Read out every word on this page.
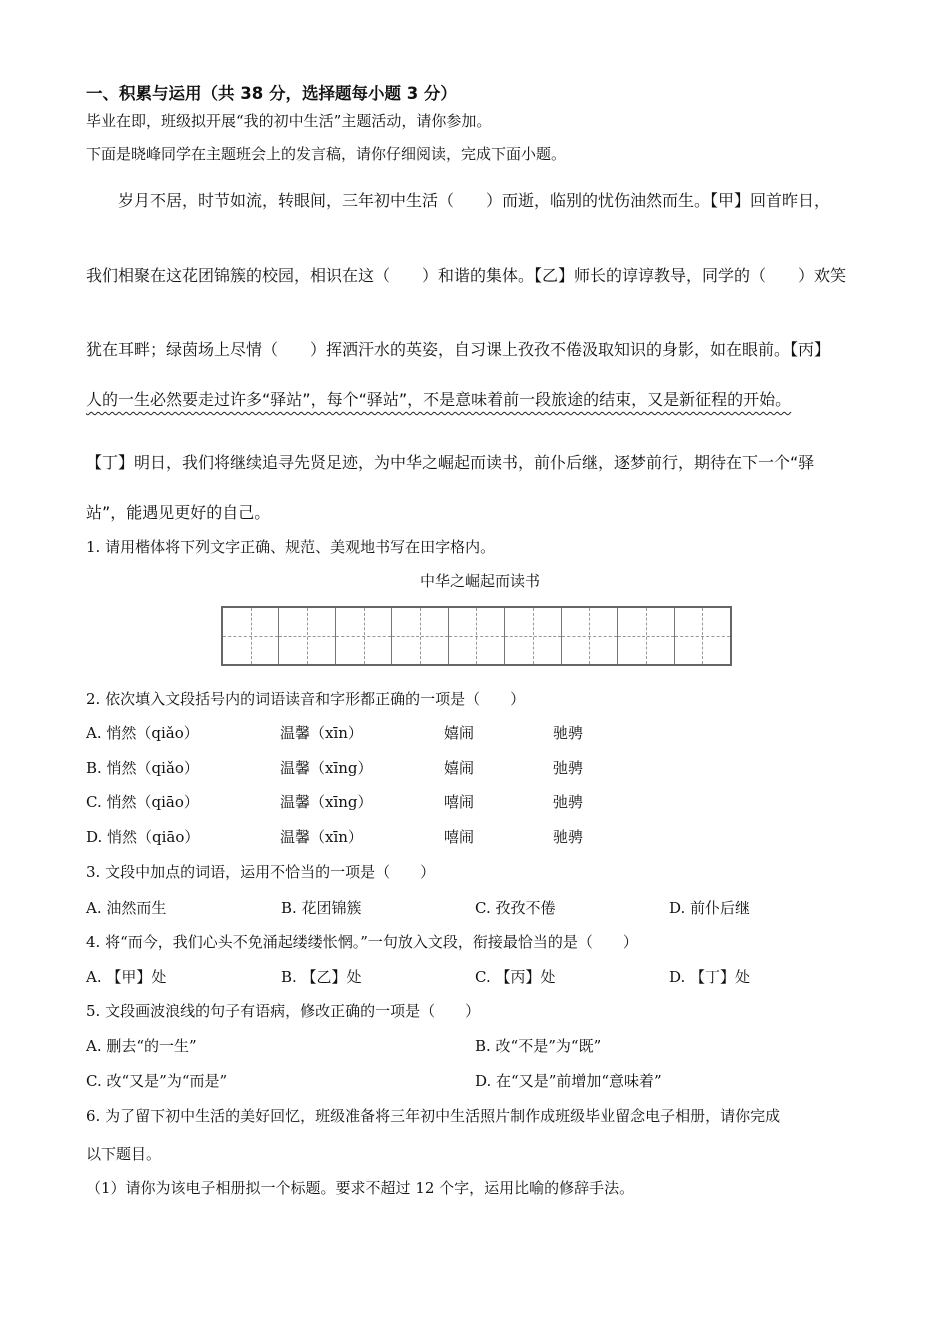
一、积累与运用（共 38 分，选择题每小题 3 分）
毕业在即，班级拟开展“我的初中生活”主题活动，请你参加。
下面是晓峰同学在主题班会上的发言稿，请你仔细阅读，完成下面小题。
岁月不居，时节如流，转眼间，三年初中生活（　　）而逝，临别的忧伤油然而生。【甲】回首昨日，
我们相聚在这花团锦簇的校园，相识在这（　　）和谐的集体。【乙】师长的谆谆教导，同学的（　　）欢笑
犹在耳畔；绿茵场上尽情（　　）挥洒汗水的英姿，自习课上孜孜不倦汲取知识的身影，如在眼前。【丙】
人的一生必然要走过许多“驿站”，每个“驿站”，不是意味着前一段旅途的结束，又是新征程的开始。
【丁】明日，我们将继续追寻先贤足迹，为中华之崛起而读书，前仆后继，逐梦前行，期待在下一个“驿
站”，能遇见更好的自己。
1. 请用楷体将下列文字正确、规范、美观地书写在田字格内。
中华之崛起而读书
2. 依次填入文段括号内的词语读音和字形都正确的一项是（　　）
A. 悄然（qiǎo）	温馨（xīn）	嬉闹	驰骋
B. 悄然（qiǎo）	温馨（xīng）	嬉闹	弛骋
C. 悄然（qiāo）	温馨（xīng）	嘻闹	弛骋
D. 悄然（qiāo）	温馨（xīn）	嘻闹	驰骋
3. 文段中加点的词语，运用不恰当的一项是（　　）
A. 油然而生	B. 花团锦簇	C. 孜孜不倦	D. 前仆后继
4. 将“而今，我们心头不免涌起缕缕怅惘。”一句放入文段，衔接最恰当的是（　　）
A. 【甲】处	B. 【乙】处	C. 【丙】处	D. 【丁】处
5. 文段画波浪线的句子有语病，修改正确的一项是（　　）
A. 删去“的一生”	B. 改“不是”为“既”
C. 改“又是”为“而是”	D. 在“又是”前增加“意味着”
6. 为了留下初中生活的美好回忆，班级准备将三年初中生活照片制作成班级毕业留念电子相册，请你完成
以下题目。
（1）请你为该电子相册拟一个标题。要求不超过 12 个字，运用比喻的修辞手法。
